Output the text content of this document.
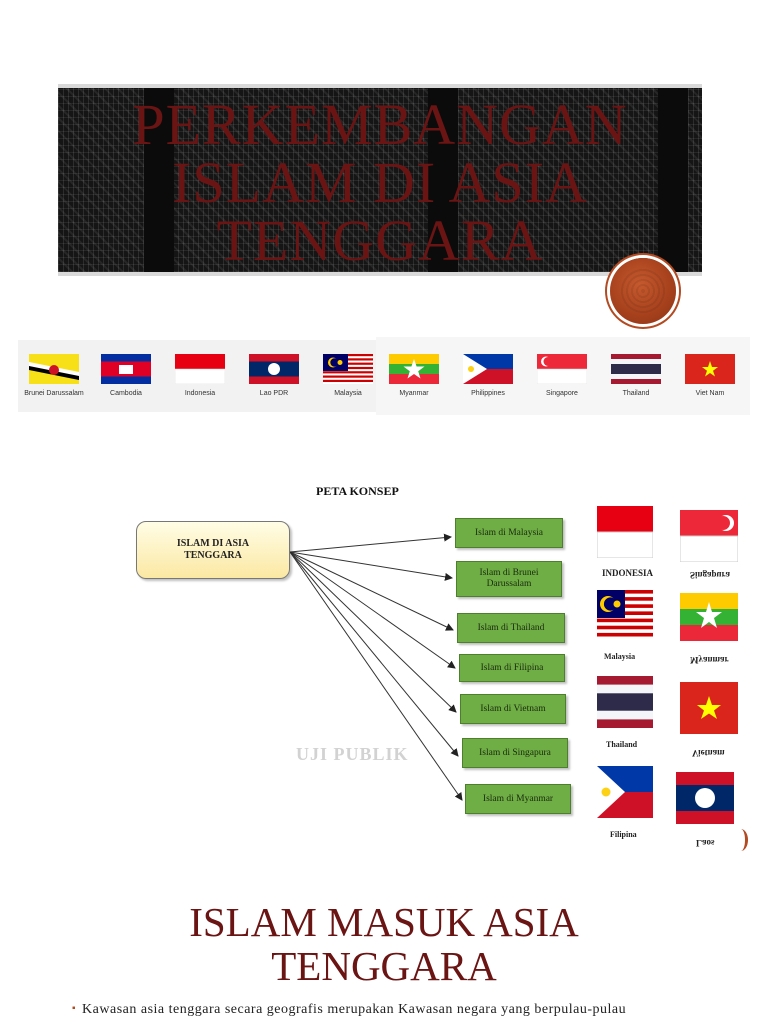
PERKEMBANGAN ISLAM DI ASIA TENGGARA
Brunei Darussalam	Cambodia	Indonesia	Lao PDR	Malaysia	Myanmar	Philippines	Singapore	Thailand	Viet Nam
PETA KONSEP
ISLAM DI ASIA TENGGARA
Islam di Malaysia
Islam di Brunei Darussalam
Islam di Thailand
Islam di Filipina
Islam di Vietnam
Islam di Singapura
Islam di Myanmar
UJI PUBLIK
INDONESIA	Singapura
Malaysia	Myanmar
Thailand
Vietnam
Filipina
Laos
ISLAM MASUK ASIA TENGGARA
▪ Kawasan asia tenggara secara geografis merupakan Kawasan negara yang berpulau-pulau
